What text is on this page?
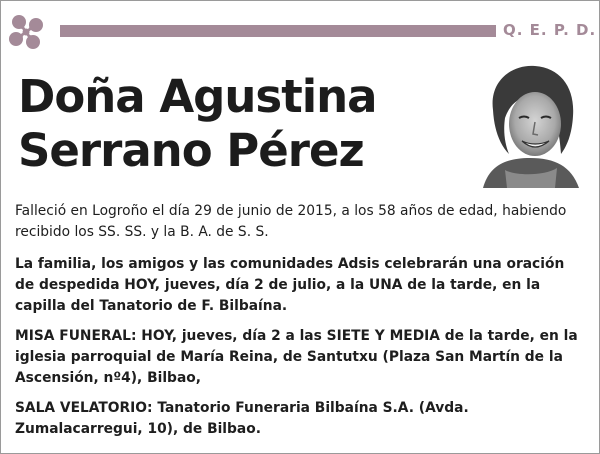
Q. E. P. D.
Doña Agustina
Serrano Pérez
Falleció en Logroño el día 29 de junio de 2015, a los 58 años de edad, habiendo recibido los SS. SS. y la B. A. de S. S.
La familia, los amigos y las comunidades Adsis celebrarán una oración de despedida HOY, jueves, día 2 de julio, a la UNA de la tarde, en la capilla del Tanatorio de F. Bilbaína.
MISA FUNERAL: HOY, jueves, día 2 a las SIETE Y MEDIA de la tarde, en la iglesia parroquial de María Reina, de Santutxu (Plaza San Martín de la Ascensión, nº4), Bilbao,
SALA VELATORIO: Tanatorio Funeraria Bilbaína S.A. (Avda. Zumalacarregui, 10), de Bilbao.
